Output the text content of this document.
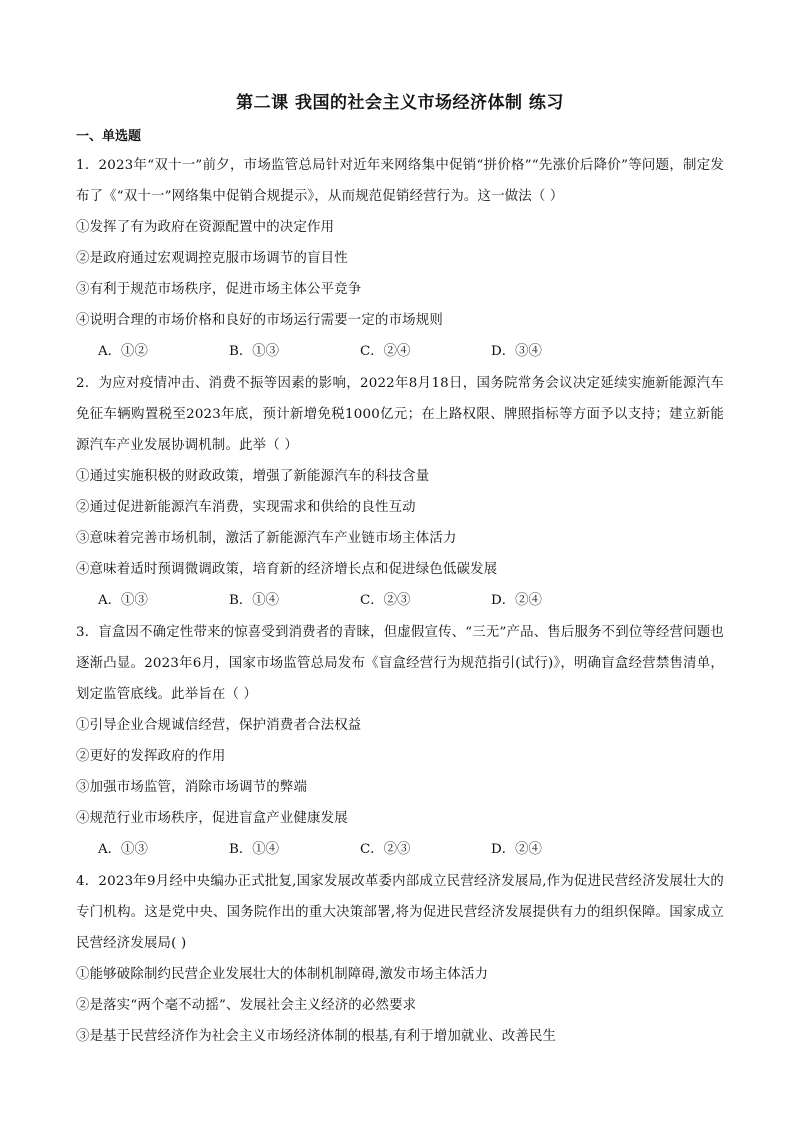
第二课 我国的社会主义市场经济体制 练习
一、单选题

1．2023年“双十一”前夕，市场监管总局针对近年来网络集中促销“拼价格”“先涨价后降价”等问题，制定发布了《“双十一”网络集中促销合规提示》，从而规范促销经营行为。这一做法（ ）

①发挥了有为政府在资源配置中的决定作用

②是政府通过宏观调控克服市场调节的盲目性

③有利于规范市场秩序，促进市场主体公平竞争

④说明合理的市场价格和良好的市场运行需要一定的市场规则

A．①②	B．①③	C．②④	D．③④

2．为应对疫情冲击、消费不振等因素的影响，2022年8月18日，国务院常务会议决定延续实施新能源汽车免征车辆购置税至2023年底，预计新增免税1000亿元；在上路权限、牌照指标等方面予以支持；建立新能源汽车产业发展协调机制。此举（ ）

①通过实施积极的财政政策，增强了新能源汽车的科技含量

②通过促进新能源汽车消费，实现需求和供给的良性互动

③意味着完善市场机制，激活了新能源汽车产业链市场主体活力

④意味着适时预调微调政策，培育新的经济增长点和促进绿色低碳发展

A．①③	B．①④	C．②③	D．②④

3．盲盒因不确定性带来的惊喜受到消费者的青睐，但虚假宣传、“三无”产品、售后服务不到位等经营问题也逐渐凸显。2023年6月，国家市场监管总局发布《盲盒经营行为规范指引(试行)》，明确盲盒经营禁售清单，划定监管底线。此举旨在（ ）

①引导企业合规诚信经营，保护消费者合法权益

②更好的发挥政府的作用

③加强市场监管，消除市场调节的弊端

④规范行业市场秩序，促进盲盒产业健康发展

A．①③	B．①④	C．②③	D．②④

4．2023年9月经中央编办正式批复,国家发展改革委内部成立民营经济发展局,作为促进民营经济发展壮大的专门机构。这是党中央、国务院作出的重大决策部署,将为促进民营经济发展提供有力的组织保障。国家成立民营经济发展局( )

①能够破除制约民营企业发展壮大的体制机制障碍,激发市场主体活力

②是落实“两个毫不动摇”、发展社会主义经济的必然要求

③是基于民营经济作为社会主义市场经济体制的根基,有利于增加就业、改善民生
